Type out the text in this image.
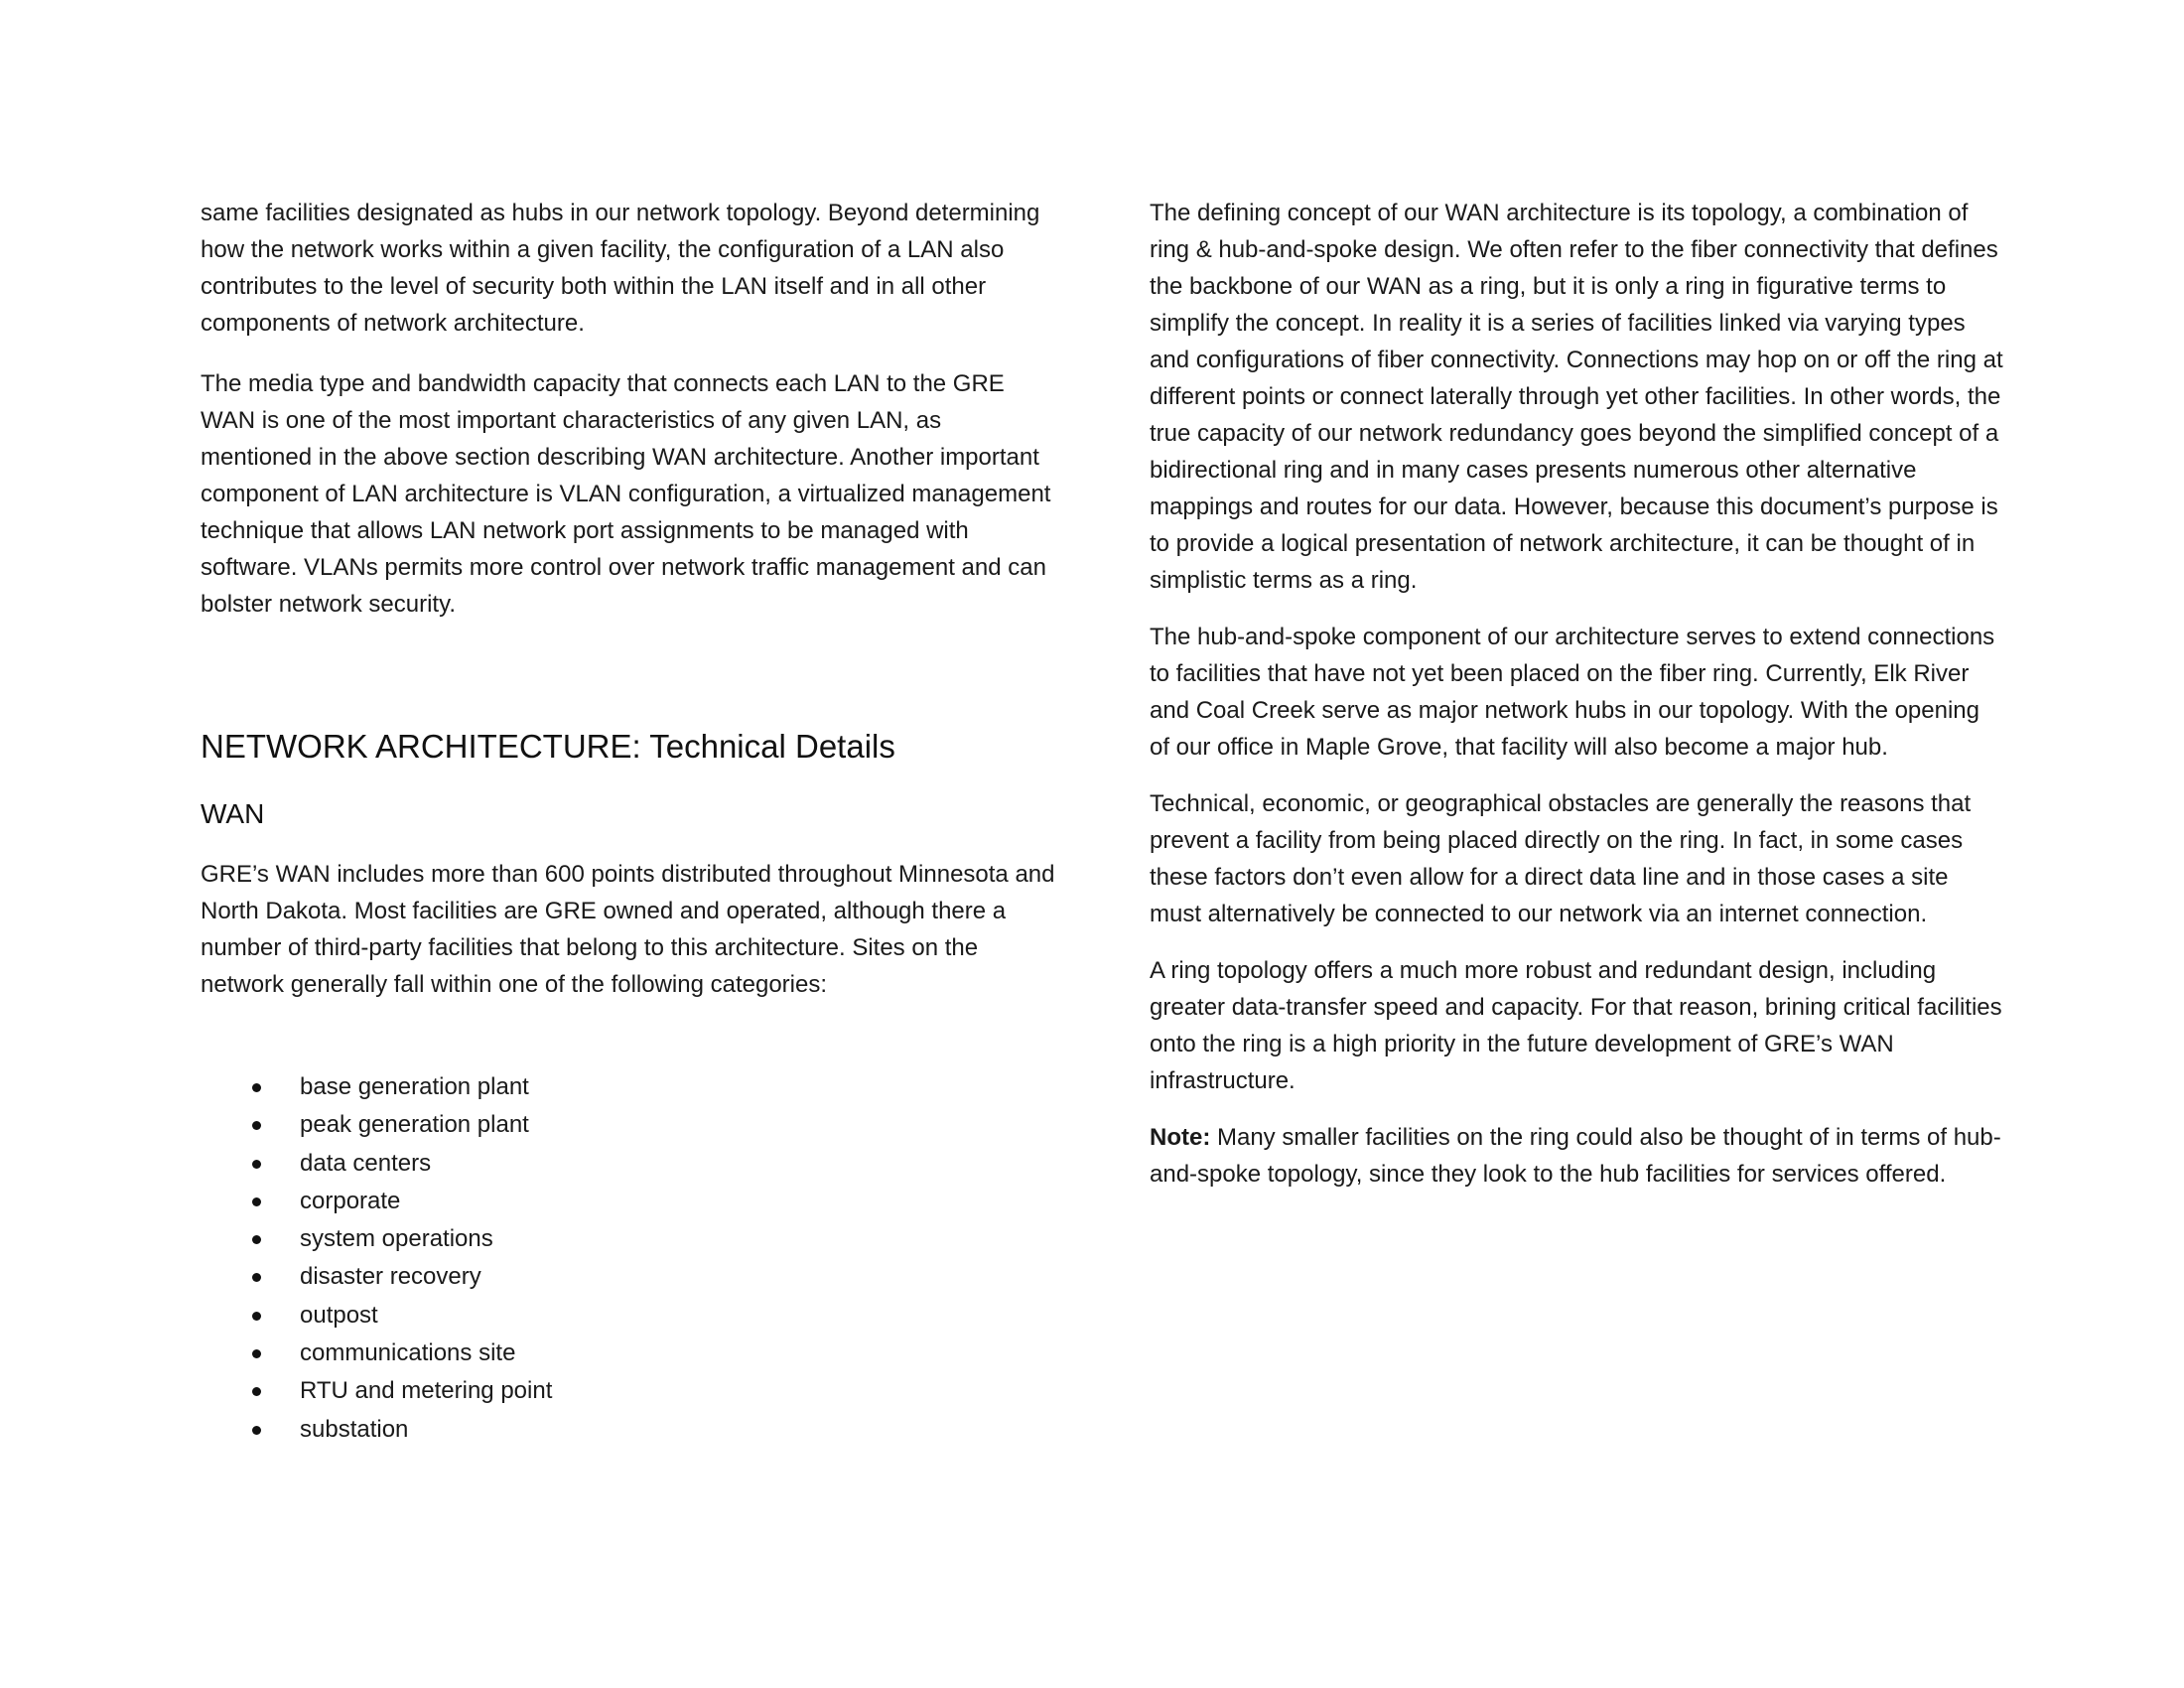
same facilities designated as hubs in our network topology. Beyond determining how the network works within a given facility, the configuration of a LAN also contributes to the level of security both within the LAN itself and in all other components of network architecture.

The media type and bandwidth capacity that connects each LAN to the GRE WAN is one of the most important characteristics of any given LAN, as mentioned in the above section describing WAN architecture. Another important component of LAN architecture is VLAN configuration, a virtualized management technique that allows LAN network port assignments to be managed with software. VLANs permits more control over network traffic management and can bolster network security.

NETWORK ARCHITECTURE: Technical Details
WAN

GRE’s WAN includes more than 600 points distributed throughout Minnesota and North Dakota. Most facilities are GRE owned and operated, although there a number of third-party facilities that belong to this architecture. Sites on the network generally fall within one of the following categories:

base generation plant
peak generation plant
data centers
corporate
system operations
disaster recovery
outpost
communications site
RTU and metering point
substation

The defining concept of our WAN architecture is its topology, a combination of ring & hub-and-spoke design. We often refer to the fiber connectivity that defines the backbone of our WAN as a ring, but it is only a ring in figurative terms to simplify the concept. In reality it is a series of facilities linked via varying types and configurations of fiber connectivity. Connections may hop on or off the ring at different points or connect laterally through yet other facilities. In other words, the true capacity of our network redundancy goes beyond the simplified concept of a bidirectional ring and in many cases presents numerous other alternative mappings and routes for our data. However, because this document’s purpose is to provide a logical presentation of network architecture, it can be thought of in simplistic terms as a ring.

The hub-and-spoke component of our architecture serves to extend connections to facilities that have not yet been placed on the fiber ring. Currently, Elk River and Coal Creek serve as major network hubs in our topology. With the opening of our office in Maple Grove, that facility will also become a major hub.

Technical, economic, or geographical obstacles are generally the reasons that prevent a facility from being placed directly on the ring. In fact, in some cases these factors don’t even allow for a direct data line and in those cases a site must alternatively be connected to our network via an internet connection.

A ring topology offers a much more robust and redundant design, including greater data-transfer speed and capacity. For that reason, brining critical facilities onto the ring is a high priority in the future development of GRE’s WAN infrastructure.

Note: Many smaller facilities on the ring could also be thought of in terms of hub-and-spoke topology, since they look to the hub facilities for services offered.
